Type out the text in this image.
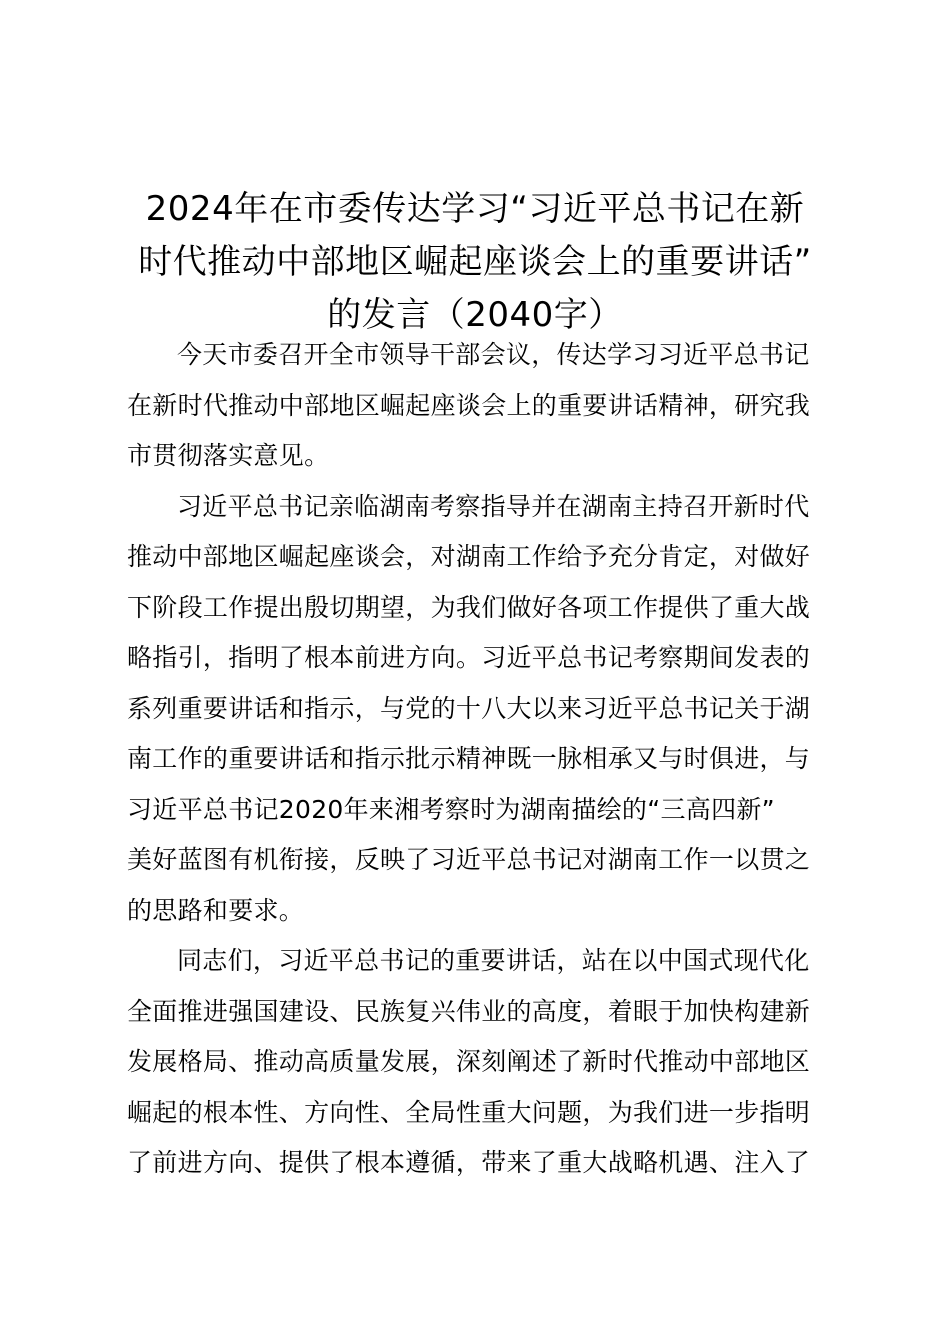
2024年在市委传达学习“习近平总书记在新
时代推动中部地区崛起座谈会上的重要讲话”
的发言（2040字）

今天市委召开全市领导干部会议，传达学习习近平总书记
在新时代推动中部地区崛起座谈会上的重要讲话精神，研究我
市贯彻落实意见。

习近平总书记亲临湖南考察指导并在湖南主持召开新时代
推动中部地区崛起座谈会，对湖南工作给予充分肯定，对做好
下阶段工作提出殷切期望，为我们做好各项工作提供了重大战
略指引，指明了根本前进方向。习近平总书记考察期间发表的
系列重要讲话和指示，与党的十八大以来习近平总书记关于湖
南工作的重要讲话和指示批示精神既一脉相承又与时俱进，与
习近平总书记2020年来湘考察时为湖南描绘的“三高四新”
美好蓝图有机衔接，反映了习近平总书记对湖南工作一以贯之
的思路和要求。

同志们，习近平总书记的重要讲话，站在以中国式现代化
全面推进强国建设、民族复兴伟业的高度，着眼于加快构建新
发展格局、推动高质量发展，深刻阐述了新时代推动中部地区
崛起的根本性、方向性、全局性重大问题，为我们进一步指明
了前进方向、提供了根本遵循，带来了重大战略机遇、注入了
